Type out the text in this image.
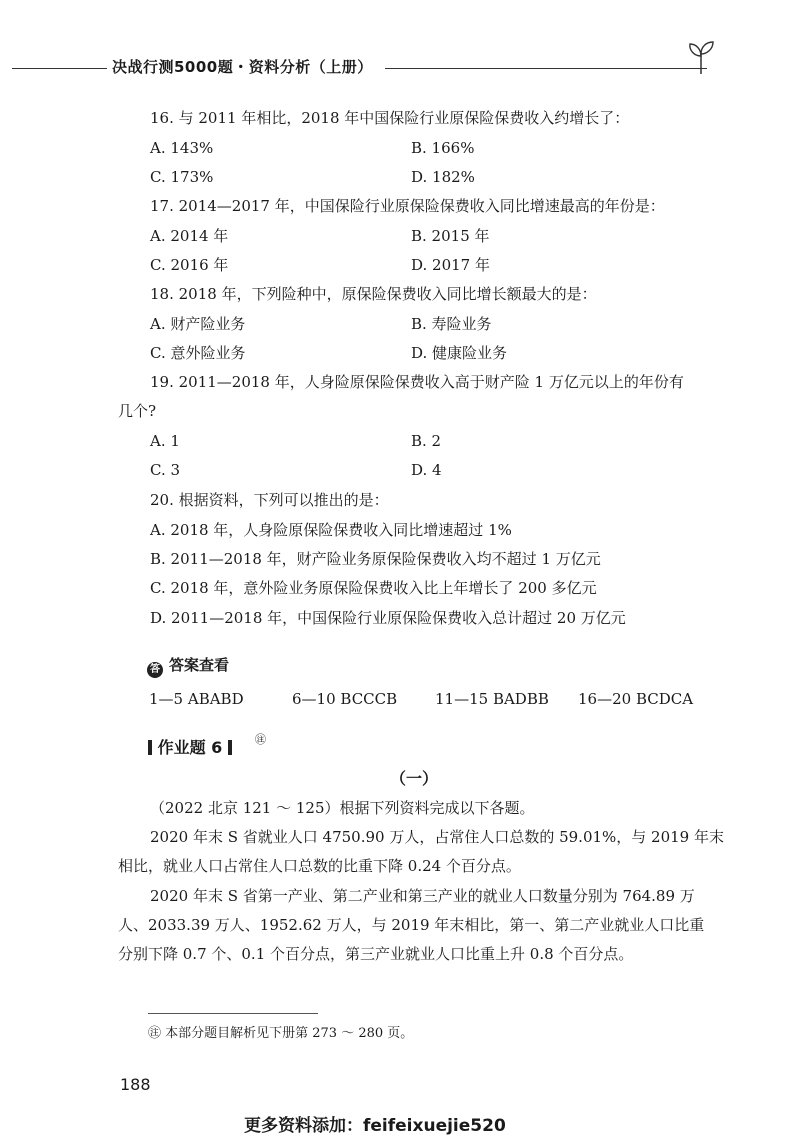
决战行测5000题・资料分析（上册）
16. 与 2011 年相比，2018 年中国保险行业原保险保费收入约增长了：
A. 143%	B. 166%
C. 173%	D. 182%
17. 2014—2017 年，中国保险行业原保险保费收入同比增速最高的年份是：
A. 2014 年	B. 2015 年
C. 2016 年	D. 2017 年
18. 2018 年，下列险种中，原保险保费收入同比增长额最大的是：
A. 财产险业务	B. 寿险业务
C. 意外险业务	D. 健康险业务
19. 2011—2018 年，人身险原保险保费收入高于财产险 1 万亿元以上的年份有
几个?
A. 1	B. 2
C. 3	D. 4
20. 根据资料，下列可以推出的是：
A. 2018 年，人身险原保险保费收入同比增速超过 1%
B. 2011—2018 年，财产险业务原保险保费收入均不超过 1 万亿元
C. 2018 年，意外险业务原保险保费收入比上年增长了 200 多亿元
D. 2011—2018 年，中国保险行业原保险保费收入总计超过 20 万亿元
答 答案查看
1—5 ABABD	6—10 BCCCB	11—15 BADBB 16—20 BCDCA
作业题 6	㊟
（一）
（2022 北京 121 ～ 125）根据下列资料完成以下各题。
2020 年末 S 省就业人口 4750.90 万人，占常住人口总数的 59.01%，与 2019 年末
相比，就业人口占常住人口总数的比重下降 0.24 个百分点。
2020 年末 S 省第一产业、第二产业和第三产业的就业人口数量分别为 764.89 万
人、2033.39 万人、1952.62 万人，与 2019 年末相比，第一、第二产业就业人口比重
分别下降 0.7 个、0.1 个百分点，第三产业就业人口比重上升 0.8 个百分点。
㊟ 本部分题目解析见下册第 273 ～ 280 页。
188
更多资料添加：feifeixuejie520
